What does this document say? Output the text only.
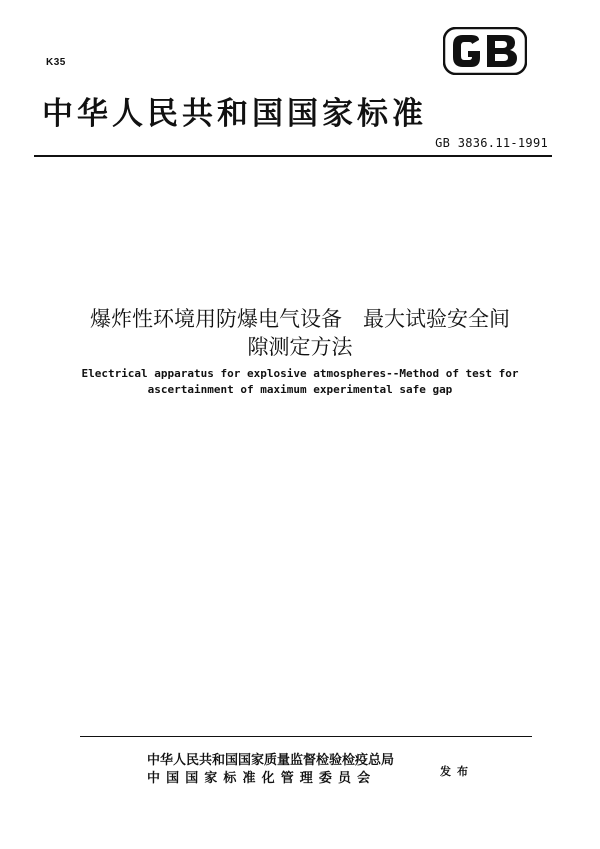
K35
中华人民共和国国家标准
GB 3836.11-1991
爆炸性环境用防爆电气设备　最大试验安全间
隙测定方法
Electrical apparatus for explosive atmospheres--Method of test for
ascertainment of maximum experimental safe gap
中华人民共和国国家质量监督检验检疫总局
中国国家标准化管理委员会	发布
